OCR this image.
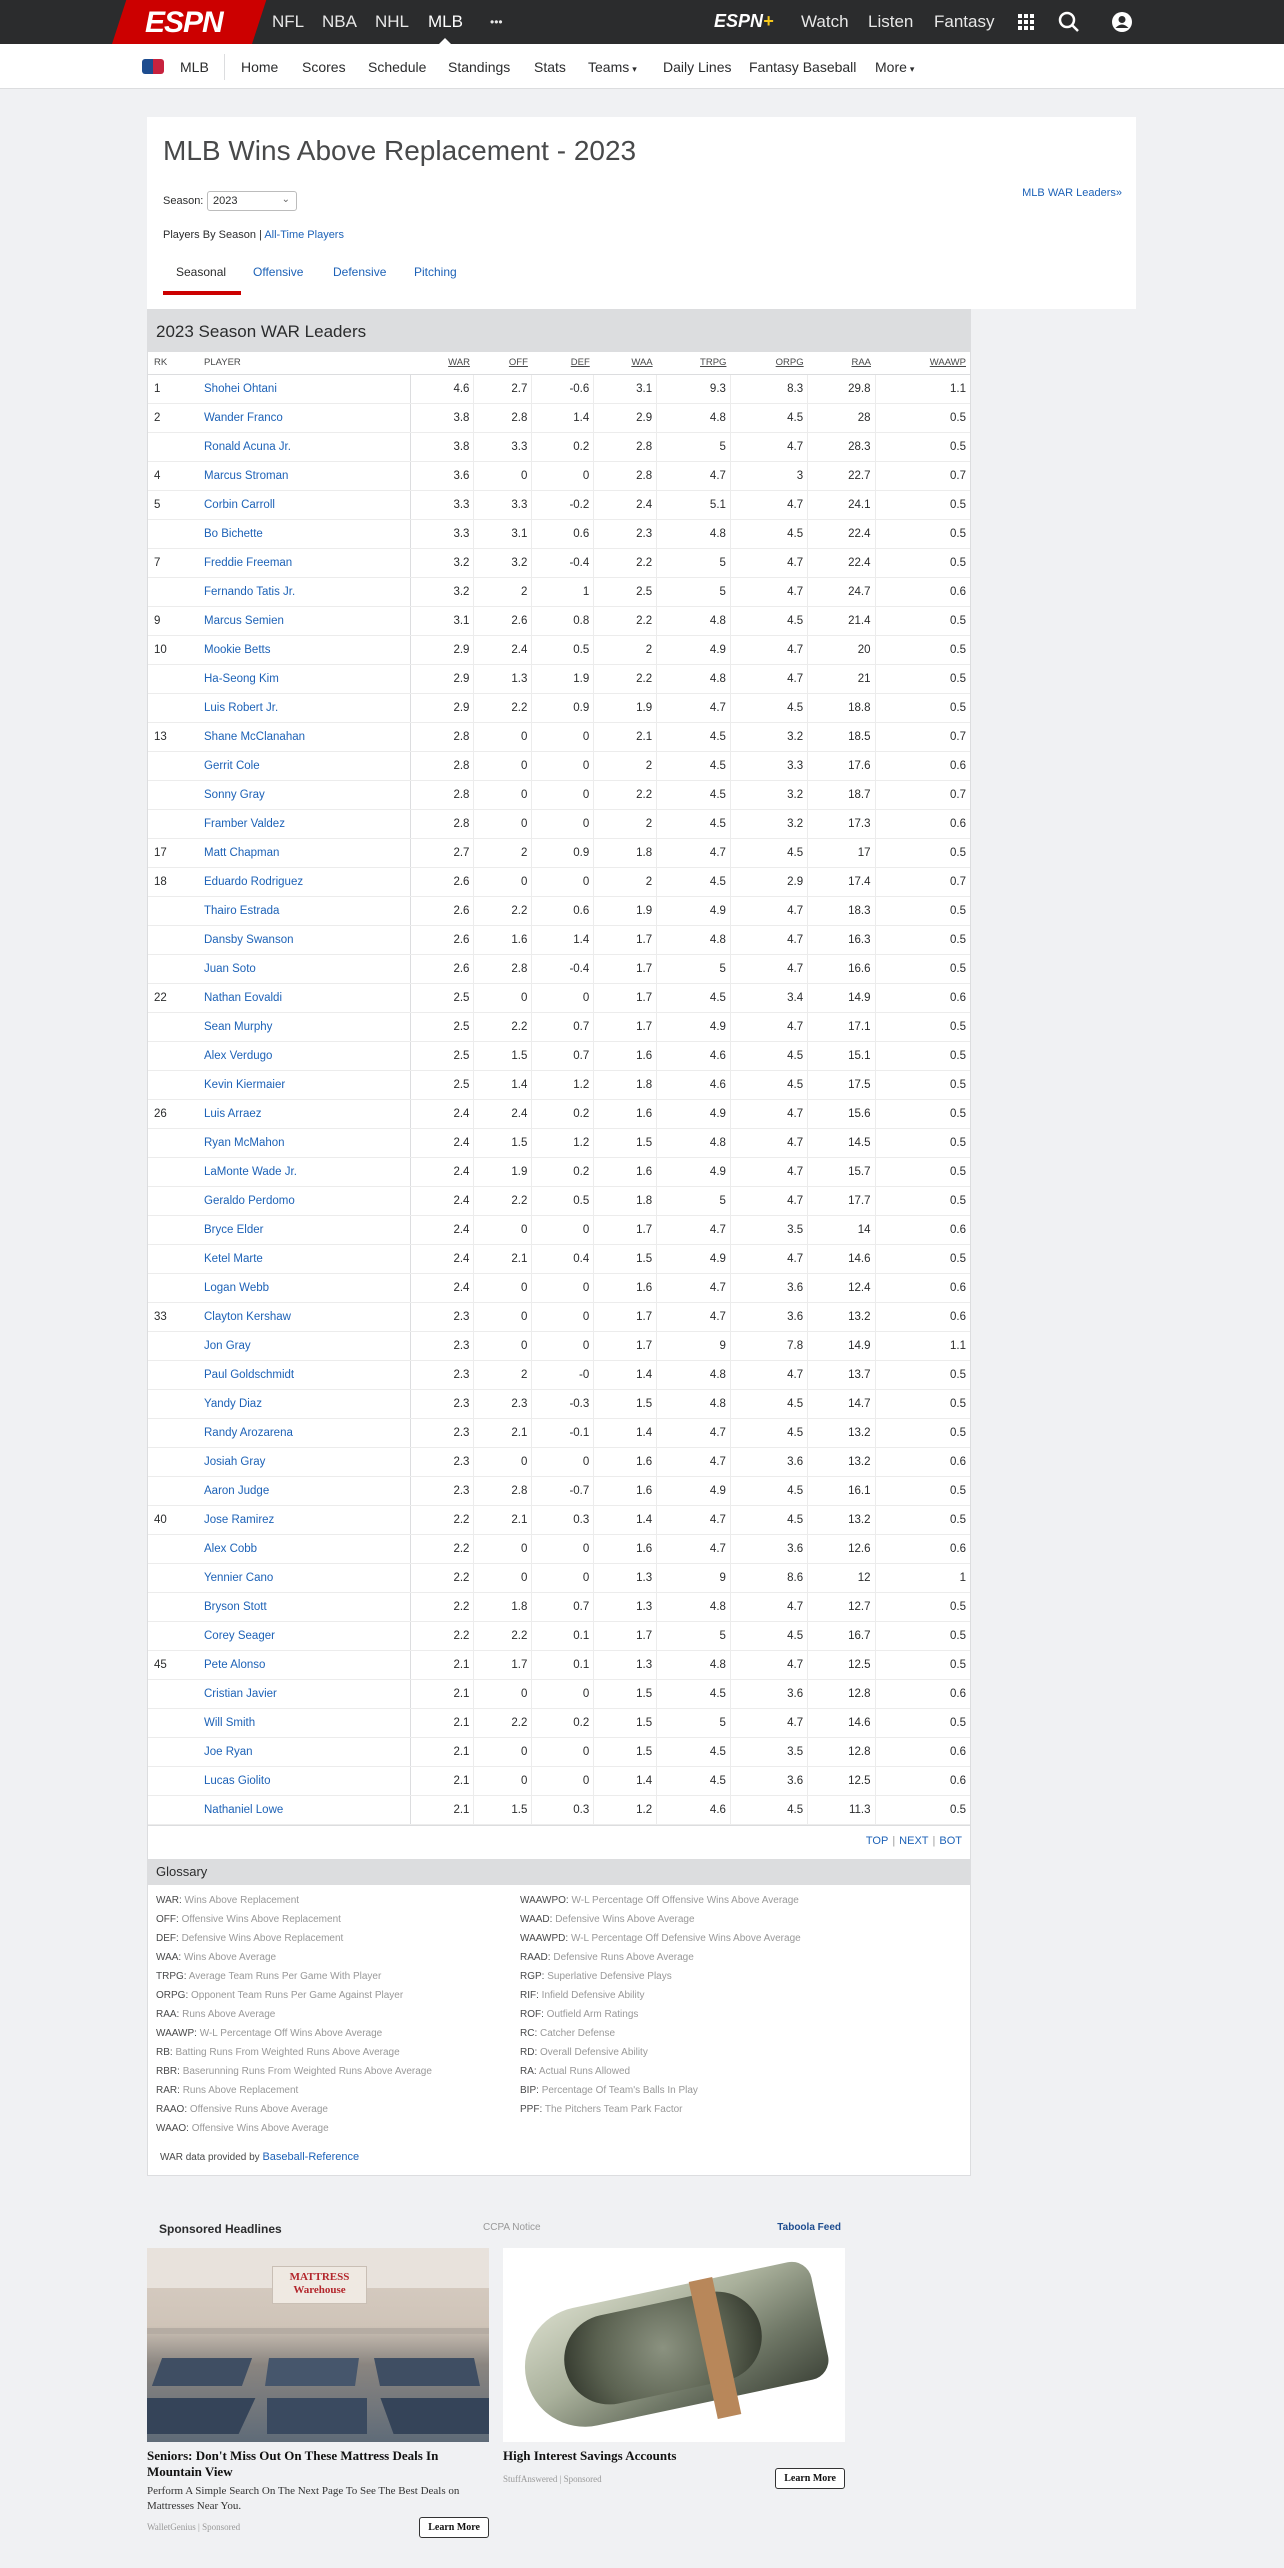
ESPN	NFL NBA NHL MLB •••	ESPN+ Watch Listen Fantasy
MLB Home Scores Schedule Standings Stats Teams ▾ Daily Lines Fantasy Baseball More ▾
MLB Wins Above Replacement - 2023
Season: 2023	⌄
MLB WAR Leaders»
Players By Season | All-Time Players
Seasonal Offensive Defensive Pitching
2023 Season WAR Leaders
RK	PLAYER	WAR	OFF	DEF	WAA	TRPG	ORPG	RAA	WAAWP
1	Shohei Ohtani	4.6	2.7	-0.6	3.1	9.3	8.3	29.8	1.1
2	Wander Franco	3.8	2.8	1.4	2.9	4.8	4.5	28	0.5
	Ronald Acuna Jr.	3.8	3.3	0.2	2.8	5	4.7	28.3	0.5
4	Marcus Stroman	3.6	0	0	2.8	4.7	3	22.7	0.7
5	Corbin Carroll	3.3	3.3	-0.2	2.4	5.1	4.7	24.1	0.5
	Bo Bichette	3.3	3.1	0.6	2.3	4.8	4.5	22.4	0.5
7	Freddie Freeman	3.2	3.2	-0.4	2.2	5	4.7	22.4	0.5
	Fernando Tatis Jr.	3.2	2	1	2.5	5	4.7	24.7	0.6
9	Marcus Semien	3.1	2.6	0.8	2.2	4.8	4.5	21.4	0.5
10	Mookie Betts	2.9	2.4	0.5	2	4.9	4.7	20	0.5
	Ha-Seong Kim	2.9	1.3	1.9	2.2	4.8	4.7	21	0.5
	Luis Robert Jr.	2.9	2.2	0.9	1.9	4.7	4.5	18.8	0.5
13	Shane McClanahan	2.8	0	0	2.1	4.5	3.2	18.5	0.7
	Gerrit Cole	2.8	0	0	2	4.5	3.3	17.6	0.6
	Sonny Gray	2.8	0	0	2.2	4.5	3.2	18.7	0.7
	Framber Valdez	2.8	0	0	2	4.5	3.2	17.3	0.6
17	Matt Chapman	2.7	2	0.9	1.8	4.7	4.5	17	0.5
18	Eduardo Rodriguez	2.6	0	0	2	4.5	2.9	17.4	0.7
	Thairo Estrada	2.6	2.2	0.6	1.9	4.9	4.7	18.3	0.5
	Dansby Swanson	2.6	1.6	1.4	1.7	4.8	4.7	16.3	0.5
	Juan Soto	2.6	2.8	-0.4	1.7	5	4.7	16.6	0.5
22	Nathan Eovaldi	2.5	0	0	1.7	4.5	3.4	14.9	0.6
	Sean Murphy	2.5	2.2	0.7	1.7	4.9	4.7	17.1	0.5
	Alex Verdugo	2.5	1.5	0.7	1.6	4.6	4.5	15.1	0.5
	Kevin Kiermaier	2.5	1.4	1.2	1.8	4.6	4.5	17.5	0.5
26	Luis Arraez	2.4	2.4	0.2	1.6	4.9	4.7	15.6	0.5
	Ryan McMahon	2.4	1.5	1.2	1.5	4.8	4.7	14.5	0.5
	LaMonte Wade Jr.	2.4	1.9	0.2	1.6	4.9	4.7	15.7	0.5
	Geraldo Perdomo	2.4	2.2	0.5	1.8	5	4.7	17.7	0.5
	Bryce Elder	2.4	0	0	1.7	4.7	3.5	14	0.6
	Ketel Marte	2.4	2.1	0.4	1.5	4.9	4.7	14.6	0.5
	Logan Webb	2.4	0	0	1.6	4.7	3.6	12.4	0.6
33	Clayton Kershaw	2.3	0	0	1.7	4.7	3.6	13.2	0.6
	Jon Gray	2.3	0	0	1.7	9	7.8	14.9	1.1
	Paul Goldschmidt	2.3	2	-0	1.4	4.8	4.7	13.7	0.5
	Yandy Diaz	2.3	2.3	-0.3	1.5	4.8	4.5	14.7	0.5
	Randy Arozarena	2.3	2.1	-0.1	1.4	4.7	4.5	13.2	0.5
	Josiah Gray	2.3	0	0	1.6	4.7	3.6	13.2	0.6
	Aaron Judge	2.3	2.8	-0.7	1.6	4.9	4.5	16.1	0.5
40	Jose Ramirez	2.2	2.1	0.3	1.4	4.7	4.5	13.2	0.5
	Alex Cobb	2.2	0	0	1.6	4.7	3.6	12.6	0.6
	Yennier Cano	2.2	0	0	1.3	9	8.6	12	1
	Bryson Stott	2.2	1.8	0.7	1.3	4.8	4.7	12.7	0.5
	Corey Seager	2.2	2.2	0.1	1.7	5	4.5	16.7	0.5
45	Pete Alonso	2.1	1.7	0.1	1.3	4.8	4.7	12.5	0.5
	Cristian Javier	2.1	0	0	1.5	4.5	3.6	12.8	0.6
	Will Smith	2.1	2.2	0.2	1.5	5	4.7	14.6	0.5
	Joe Ryan	2.1	0	0	1.5	4.5	3.5	12.8	0.6
	Lucas Giolito	2.1	0	0	1.4	4.5	3.6	12.5	0.6
	Nathaniel Lowe	2.1	1.5	0.3	1.2	4.6	4.5	11.3	0.5
TOP | NEXT | BOT
Glossary
WAR: Wins Above Replacement
OFF: Offensive Wins Above Replacement
DEF: Defensive Wins Above Replacement
WAA: Wins Above Average
TRPG: Average Team Runs Per Game With Player
ORPG: Opponent Team Runs Per Game Against Player
RAA: Runs Above Average
WAAWP: W-L Percentage Off Wins Above Average
RB: Batting Runs From Weighted Runs Above Average
RBR: Baserunning Runs From Weighted Runs Above Average
RAR: Runs Above Replacement
RAAO: Offensive Runs Above Average
WAAO: Offensive Wins Above Average
WAAWPO: W-L Percentage Off Offensive Wins Above Average
WAAD: Defensive Wins Above Average
WAAWPD: W-L Percentage Off Defensive Wins Above Average
RAAD: Defensive Runs Above Average
RGP: Superlative Defensive Plays
RIF: Infield Defensive Ability
ROF: Outfield Arm Ratings
RC: Catcher Defense
RD: Overall Defensive Ability
RA: Actual Runs Allowed
BIP: Percentage Of Team's Balls In Play
PPF: The Pitchers Team Park Factor
WAR data provided by Baseball-Reference
Sponsored Headlines	CCPA Notice	Taboola Feed
MATTRESS Warehouse
Seniors: Don't Miss Out On These Mattress Deals In Mountain View
Perform A Simple Search On The Next Page To See The Best Deals on Mattresses Near You.
WalletGenius | Sponsored	Learn More
High Interest Savings Accounts
StuffAnswered | Sponsored	Learn More
